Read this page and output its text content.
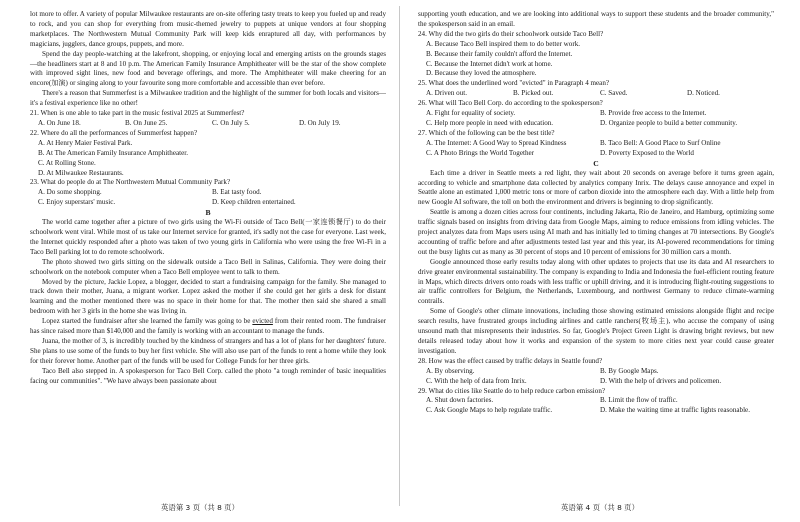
lot more to offer. A variety of popular Milwaukee restaurants are on-site offering tasty treats to keep you fueled up and ready to rock, and you can shop for everything from music-themed jewelry to puppets at unique vendors at four shopping marketplaces. The Northwestern Mutual Community Park will keep kids enraptured all day, with performances by magicians, jugglers, dance groups, puppets, and more.

Spend the day people-watching at the lakefront, shopping, or enjoying local and emerging artists on the grounds stages—the headliners start at 8 and 10 p.m. The American Family Insurance Amphitheater will be the star of the show complete with improved sight lines, new food and beverage offerings, and more. The Amphitheater will make cheering for an encore(加演) or singing along to your favourite song more comfortable and accessible than ever before.

There's a reason that Summerfest is a Milwaukee tradition and the highlight of the summer for both locals and visitors—it's a festival experience like no other!

21. When is one able to take part in the music festival 2025 at Summerfest?

A. On June 18.	B. On June 25.	C. On July 5.	D. On July 19.

22. Where do all the performances of Summerfest happen?

A. At Henry Maier Festival Park.
B. At The American Family Insurance Amphitheater.
C. At Rolling Stone.
D. At Milwaukee Restaurants.

23. What do people do at The Northwestern Mutual Community Park?

A. Do some shopping.	B. Eat tasty food.
C. Enjoy superstars' music.	D. Keep children entertained.

B

The world came together after a picture of two girls using the Wi-Fi outside of Taco Bell(一家连锁餐厅) to do their schoolwork went viral. While most of us take our Internet service for granted, it's sadly not the case for everyone. Last week, the Internet quickly responded after a photo was taken of two young girls in California who were using the free Wi-Fi in a Taco Bell parking lot to do remote schoolwork.

The photo showed two girls sitting on the sidewalk outside a Taco Bell in Salinas, California. They were doing their schoolwork on the notebook computer when a Taco Bell employee went to talk to them.

Moved by the picture, Jackie Lopez, a blogger, decided to start a fundraising campaign for the family. She managed to track down their mother, Juana, a migrant worker. Lopez asked the mother if she could get her girls a desk for distant learning and the mother mentioned there was no space in their home for that. The mother then said she shared a small bedroom with her 3 girls in the home she was living in.

Lopez started the fundraiser after she learned the family was going to be evicted from their rented room. The fundraiser has since raised more than $140,000 and the family is working with an accountant to manage the funds.

Juana, the mother of 3, is incredibly touched by the kindness of strangers and has a lot of plans for her daughters' future. She plans to use some of the funds to buy her first vehicle. She will also use part of the funds to rent a home while they look for their forever home. Another part of the funds will be used for College Funds for her three girls.

Taco Bell also stepped in. A spokesperson for Taco Bell Corp. called the photo "a tough reminder of basic inequalities facing our communities". "We have always been passionate about

英语第 3 页（共 8 页）

supporting youth education, and we are looking into additional ways to support these students and the broader community," the spokesperson said in an email.

24. Why did the two girls do their schoolwork outside Taco Bell?

A. Because Taco Bell inspired them to do better work.
B. Because their family couldn't afford the Internet.
C. Because the Internet didn't work at home.
D. Because they loved the atmosphere.

25. What does the underlined word "evicted" in Paragraph 4 mean?

A. Driven out.	B. Picked out.	C. Saved.	D. Noticed.

26. What will Taco Bell Corp. do according to the spokesperson?

A. Fight for equality of society.	B. Provide free access to the Internet.
C. Help more people in need with education.	D. Organize people to build a better community.

27. Which of the following can be the best title?

A. The Internet: A Good Way to Spread Kindness	B. Taco Bell: A Good Place to Surf Online
C. A Photo Brings the World Together	D. Poverty Exposed to the World

C

Each time a driver in Seattle meets a red light, they wait about 20 seconds on average before it turns green again, according to vehicle and smartphone data collected by analytics company Inrix. The delays cause annoyance and expel in Seattle alone an estimated 1,000 metric tons or more of carbon dioxide into the atmosphere each day. With a little help from new Google AI software, the toll on both the environment and drivers is beginning to drop significantly.

Seattle is among a dozen cities across four continents, including Jakarta, Rio de Janeiro, and Hamburg, optimizing some traffic signals based on insights from driving data from Google Maps, aiming to reduce emissions from idling vehicles. The project analyzes data from Maps users using AI math and has initially led to timing changes at 70 intersections. By Google's accounting of traffic before and after adjustments tested last year and this year, its AI-powered recommendations for timing out the busy lights cut as many as 30 percent of stops and 10 percent of emissions for 30 million cars a month.

Google announced those early results today along with other updates to projects that use its data and AI researchers to drive greater environmental sustainability. The company is expanding to India and Indonesia the fuel-efficient routing feature in Maps, which directs drivers onto roads with less traffic or uphill driving, and it is introducing flight-routing suggestions to air traffic controllers for Belgium, the Netherlands, Luxembourg, and northwest Germany to reduce climate-warming contrails.

Some of Google's other climate innovations, including those showing estimated emissions alongside flight and recipe search results, have frustrated groups including airlines and cattle ranchers(牧场主), who accuse the company of using unsound math that misrepresents their industries. So far, Google's Project Green Light is drawing bright reviews, but new details released today about how it works and expansion of the system to more cities next year could cause greater investigation.

28. How was the effect caused by traffic delays in Seattle found?

A. By observing.	B. By Google Maps.
C. With the help of data from Inrix.	D. With the help of drivers and policemen.

29. What do cities like Seattle do to help reduce carbon emission?

A. Shut down factories.	B. Limit the flow of traffic.
C. Ask Google Maps to help regulate traffic.	D. Make the waiting time at traffic lights reasonable.
英语第 4 页（共 8 页）
